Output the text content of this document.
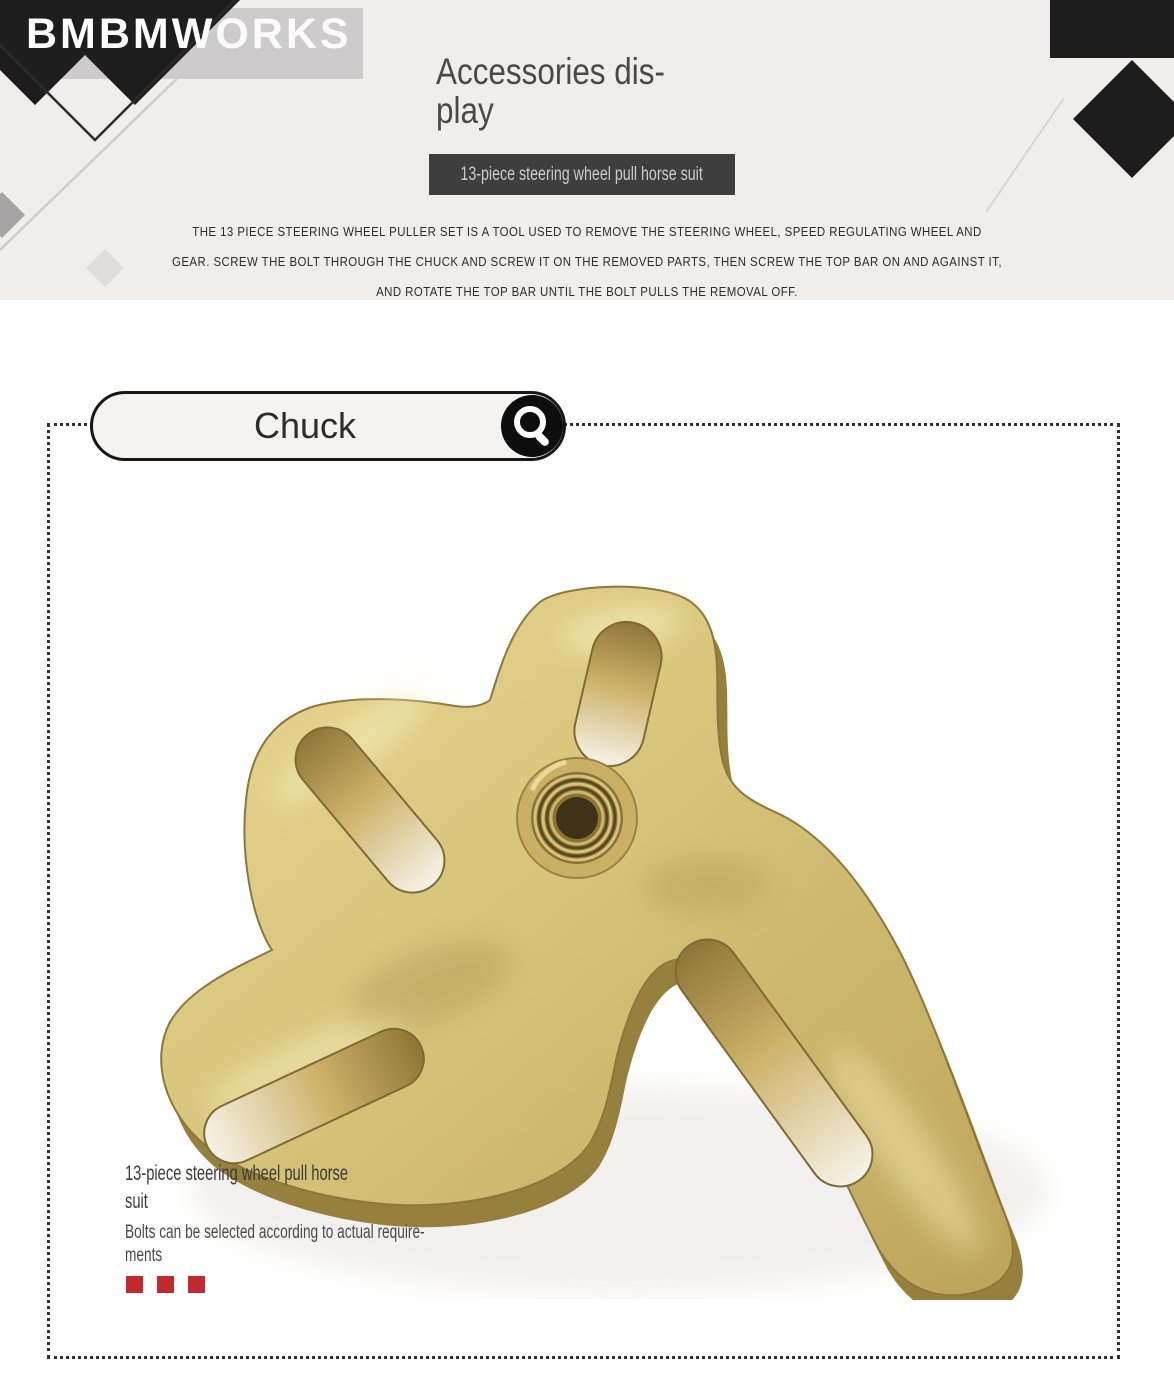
BMBMWORKS
Accessories dis-
play
13-piece steering wheel pull horse suit
THE 13 PIECE STEERING WHEEL PULLER SET IS A TOOL USED TO REMOVE THE STEERING WHEEL, SPEED REGULATING WHEEL AND
GEAR. SCREW THE BOLT THROUGH THE CHUCK AND SCREW IT ON THE REMOVED PARTS, THEN SCREW THE TOP BAR ON AND AGAINST IT,
AND ROTATE THE TOP BAR UNTIL THE BOLT PULLS THE REMOVAL OFF.
Chuck
13-piece steering wheel pull horse
suit
Bolts can be selected according to actual require-
ments
